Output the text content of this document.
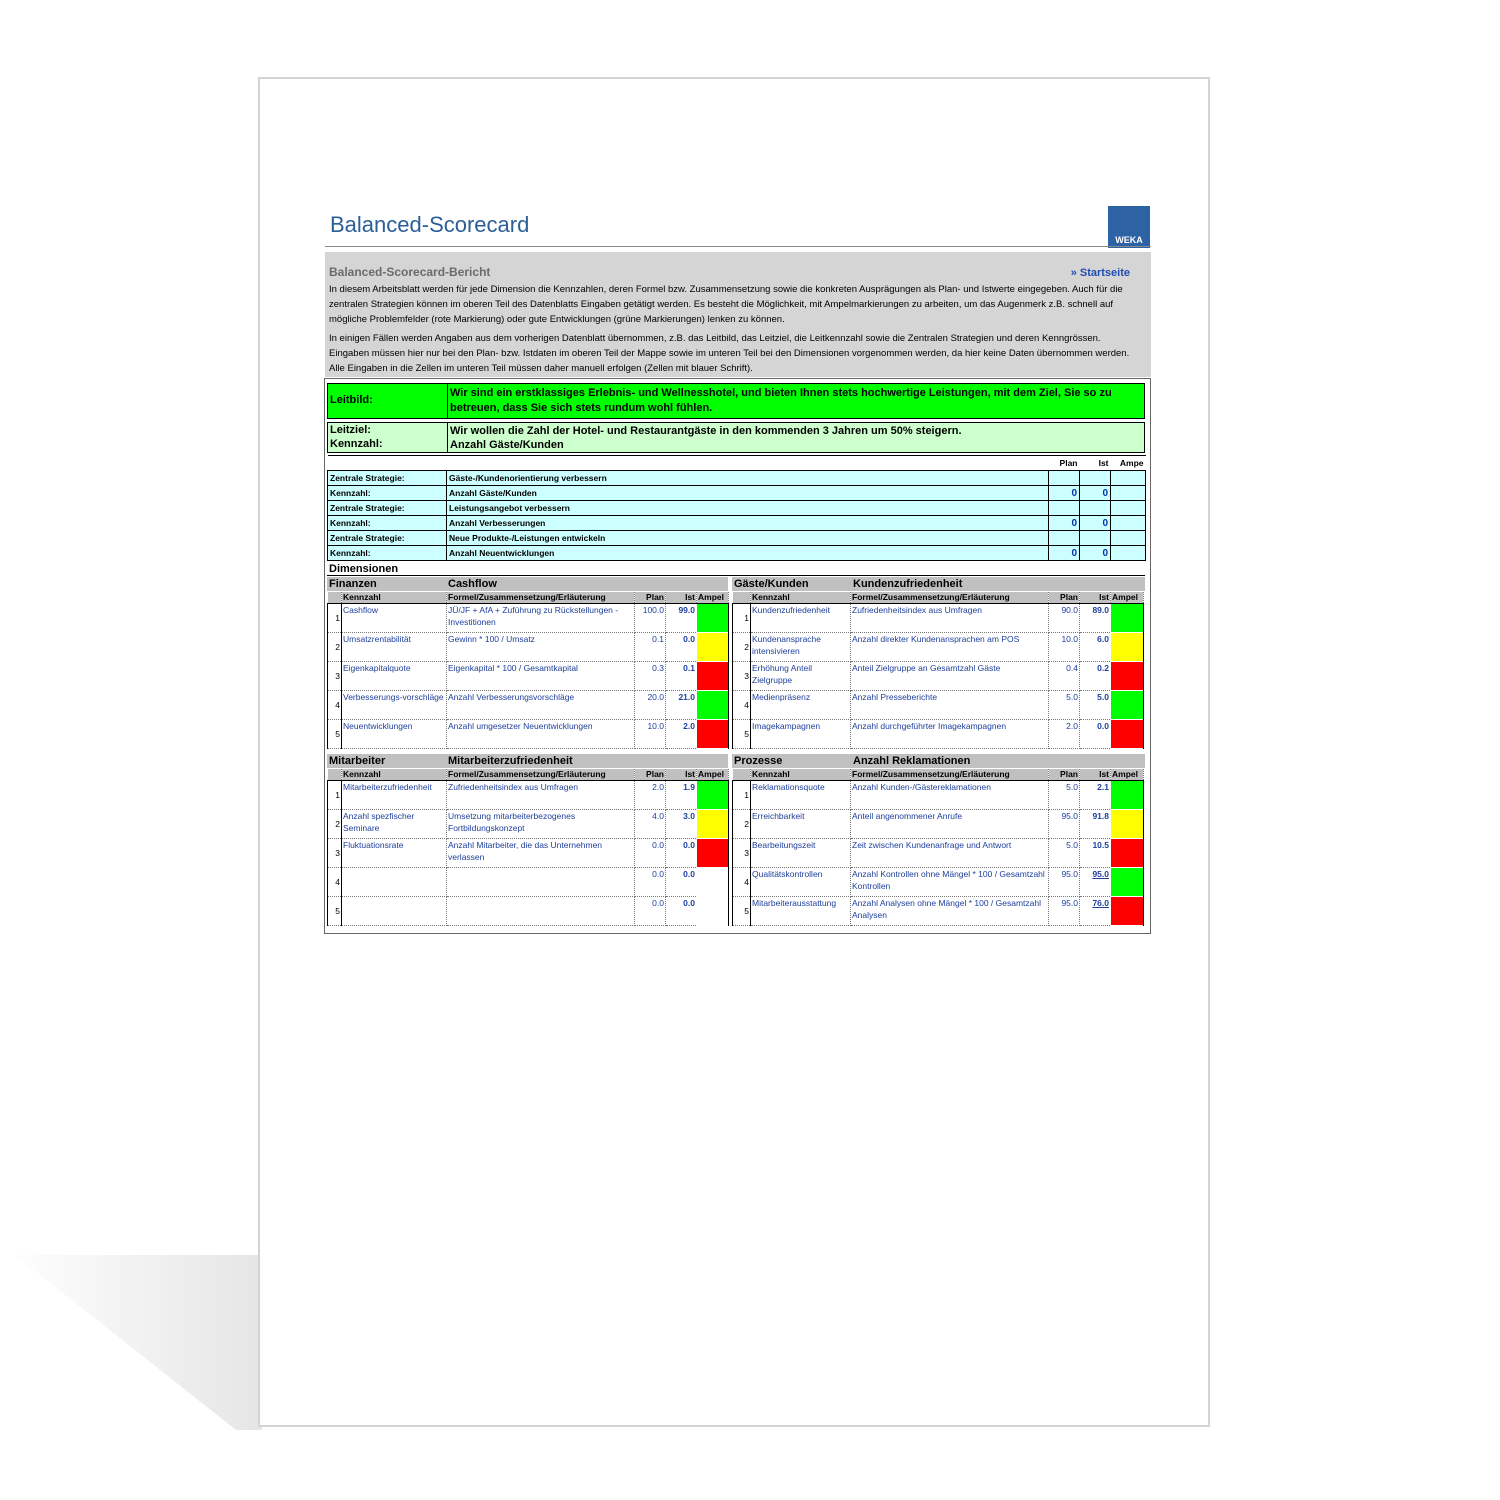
Balanced-Scorecard
WEKA
Balanced-Scorecard-Bericht	» Startseite
In diesem Arbeitsblatt werden für jede Dimension die Kennzahlen, deren Formel bzw. Zusammensetzung sowie die konkreten Ausprägungen als Plan- und Istwerte eingegeben. Auch für die zentralen Strategien können im oberen Teil des Datenblatts Eingaben getätigt werden. Es besteht die Möglichkeit, mit Ampelmarkierungen zu arbeiten, um das Augenmerk z.B. schnell auf mögliche Problemfelder (rote Markierung) oder gute Entwicklungen (grüne Markierungen) lenken zu können.
In einigen Fällen werden Angaben aus dem vorherigen Datenblatt übernommen, z.B. das Leitbild, das Leitziel, die Leitkennzahl sowie die Zentralen Strategien und deren Kenngrössen. Eingaben müssen hier nur bei den Plan- bzw. Istdaten im oberen Teil der Mappe sowie im unteren Teil bei den Dimensionen vorgenommen werden, da hier keine Daten übernommen werden. Alle Eingaben in die Zellen im unteren Teil müssen daher manuell erfolgen (Zellen mit blauer Schrift).
Leitbild:
Wir sind ein erstklassiges Erlebnis- und Wellnesshotel, und bieten Ihnen stets hochwertige Leistungen, mit dem Ziel, Sie so zu betreuen, dass Sie sich stets rundum wohl fühlen.
Leitziel:
Kennzahl:
Wir wollen die Zahl der Hotel- und Restaurantgäste in den kommenden 3 Jahren um 50% steigern.
Anzahl Gäste/Kunden
		Plan	Ist	Ampe
Zentrale Strategie:	Gäste-/Kundenorientierung verbessern			
Kennzahl:	Anzahl Gäste/Kunden	0	0	
Zentrale Strategie:	Leistungsangebot verbessern			
Kennzahl:	Anzahl Verbesserungen	0	0	
Zentrale Strategie:	Neue Produkte-/Leistungen entwickeln			
Kennzahl:	Anzahl Neuentwicklungen	0	0	
Dimensionen
Finanzen	Cashflow	Gäste/Kunden	Kundenzufriedenheit
Mitarbeiter	Mitarbeiterzufriedenheit	Prozesse	Anzahl Reklamationen
	Kennzahl	Formel/Zusammensetzung/Erläuterung	Plan	Ist	Ampel
1	Cashflow	JÜ/JF + AfA + Zuführung zu Rückstellungen - Investitionen	100.0	99.0	
2	Umsatzrentabilität	Gewinn * 100 / Umsatz	0.1	0.0	
3	Eigenkapitalquote	Eigenkapital * 100 / Gesamtkapital	0.3	0.1	
4	Verbesserungs-vorschläge	Anzahl Verbesserungsvorschläge	20.0	21.0	
5	Neuentwicklungen	Anzahl umgesetzer Neuentwicklungen	10.0	2.0	
	Kennzahl	Formel/Zusammensetzung/Erläuterung	Plan	Ist	Ampel
1	Kundenzufriedenheit	Zufriedenheitsindex aus Umfragen	90.0	89.0	
2	Kundenansprache intensivieren	Anzahl direkter Kundenansprachen am POS	10.0	6.0	
3	Erhöhung Anteil Zielgruppe	Anteil Zielgruppe an Gesamtzahl Gäste	0.4	0.2	
4	Medienpräsenz	Anzahl Presseberichte	5.0	5.0	
5	Imagekampagnen	Anzahl durchgeführter Imagekampagnen	2.0	0.0	
	Kennzahl	Formel/Zusammensetzung/Erläuterung	Plan	Ist	Ampel
1	Mitarbeiterzufriedenheit	Zufriedenheitsindex aus Umfragen	2.0	1.9	
2	Anzahl spezfischer Seminare	Umsetzung mitarbeiterbezogenes Fortbildungskonzept	4.0	3.0	
3	Fluktuationsrate	Anzahl Mitarbeiter, die das Unternehmen verlassen	0.0	0.0	
4			0.0	0.0	
5			0.0	0.0	
	Kennzahl	Formel/Zusammensetzung/Erläuterung	Plan	Ist	Ampel
1	Reklamationsquote	Anzahl Kunden-/Gästereklamationen	5.0	2.1	
2	Erreichbarkeit	Anteil angenommener Anrufe	95.0	91.8	
3	Bearbeitungszeit	Zeit zwischen Kundenanfrage und Antwort	5.0	10.5	
4	Qualitätskontrollen	Anzahl Kontrollen ohne Mängel * 100 / Gesamtzahl Kontrollen	95.0	95.0	
5	Mitarbeiterausstattung	Anzahl Analysen ohne Mängel * 100 / Gesamtzahl Analysen	95.0	76.0	
